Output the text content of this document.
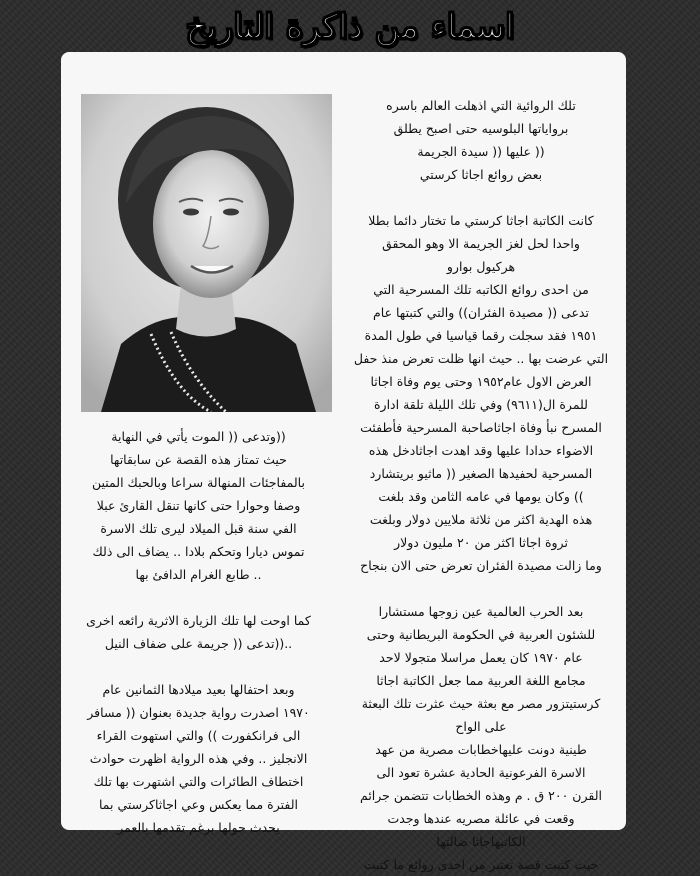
اسماء من ذاكرة التاريخ

تلك الروائية التي اذهلت العالم باسره
برواياتها البلوسيه حتى اصبح يطلق
(( عليها (( سيدة الجريمة
بعض روائع اجاثا كرستي

كانت الكاتبة اجاثا كرستي ما تختار دائما بطلا
واحدا لحل لغز الجريمة الا وهو المحقق
هركيول بوارو

من احدى روائع الكاتبه تلك المسرحية التي
تدعى (( مصيدة الفئران)) والتي كتبتها عام
١٩٥١ فقد سجلت رقما قياسيا في طول المدة
التي عرضت بها .. حيث انها ظلت تعرض منذ حفل
العرض الاول عام١٩٥٢ وحتى يوم وفاة اجاثا
للمرة ال(٩٦١١) وفي تلك الليلة تلقة ادارة
المسرح نبأ وفاة اجاثاصاحبة المسرحية فأطفئت
الاضواء حدادا عليها وقد اهدت اجاثادخل هذه
المسرحية لحفيدها الصغير (( ماثيو بريتشارد
)) وكان يومها في عامه الثامن وقد بلغت
هذه الهدية اكثر من ثلاثة ملايين دولار وبلغت
ثروة اجاثا اكثر من ٢٠ مليون دولار
وما زالت مصيدة الفئران تعرض حتى الان بنجاح

بعد الحرب العالمية عين زوجها مستشارا
للشئون العربية في الحكومة البريطانية وحتى
عام ١٩٧٠ كان يعمل مراسلا متجولا لاحد
مجامع اللغة العربية مما جعل الكاتبة اجاثا
كرستيتزور مصر مع بعثة حيث عثرت تلك البعثة
على الواح
طينية دونت عليهاخطابات مصرية من عهد
الاسرة الفرعونية الحادية عشرة تعود الى
القرن ٢٠٠ ق . م وهذه الخطابات تتضمن جرائم
وقعت في عائلة مصريه عندها وجدت
الكاتبهاجاثا ضالتها
حيث كتبت قصة تعتبر من احدى روائع ما كتبت

((وتدعى (( الموت يأتي في النهاية
حيث تمتاز هذه القصة عن سابقاتها
بالمفاجئات المنهالة سراعا وبالحبك المتين
وصفا وحوارا حتى كانها تنقل القارئ عبلا
الفي سنة قبل الميلاد ليرى تلك الاسرة
تموس ديارا وتحكم بلادا .. يضاف الى ذلك
.. طابع الغرام الدافئ بها

كما اوحت لها تلك الزيارة الاثرية رائعه اخرى
..((تدعى (( جريمة على ضفاف النيل

وبعد احتفالها بعيد ميلادها الثمانين عام
١٩٧٠ اصدرت رواية جديدة بعنوان (( مسافر
الى فرانكفورت )) والتي استهوت القراء
الانجليز .. وفي هذه الرواية اظهرت حوادث
اختطاف الطائرات والتي اشتهرت بها تلك
الفترة مما يعكس وعي اجاثاكرستي بما
يحدث حولها برغم تقدمها بالعمر
